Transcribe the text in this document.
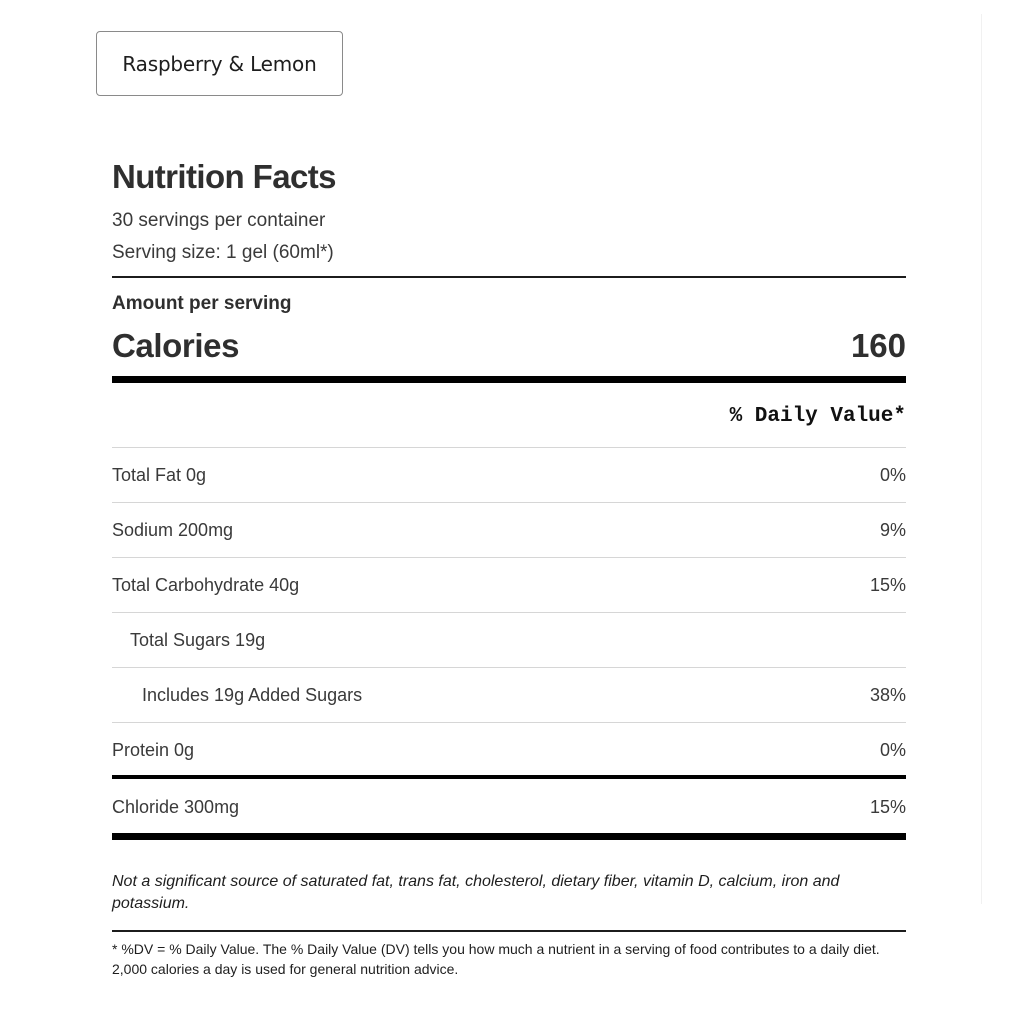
Raspberry & Lemon
Nutrition Facts
30 servings per container
Serving size: 1 gel (60ml*)
Amount per serving
Calories	160
% Daily Value*
Total Fat 0g	0%
Sodium 200mg	9%
Total Carbohydrate 40g	15%
Total Sugars 19g
Includes 19g Added Sugars	38%
Protein 0g	0%
Chloride 300mg	15%
Not a significant source of saturated fat, trans fat, cholesterol, dietary fiber, vitamin D, calcium, iron and potassium.
* %DV = % Daily Value. The % Daily Value (DV) tells you how much a nutrient in a serving of food contributes to a daily diet. 2,000 calories a day is used for general nutrition advice.
